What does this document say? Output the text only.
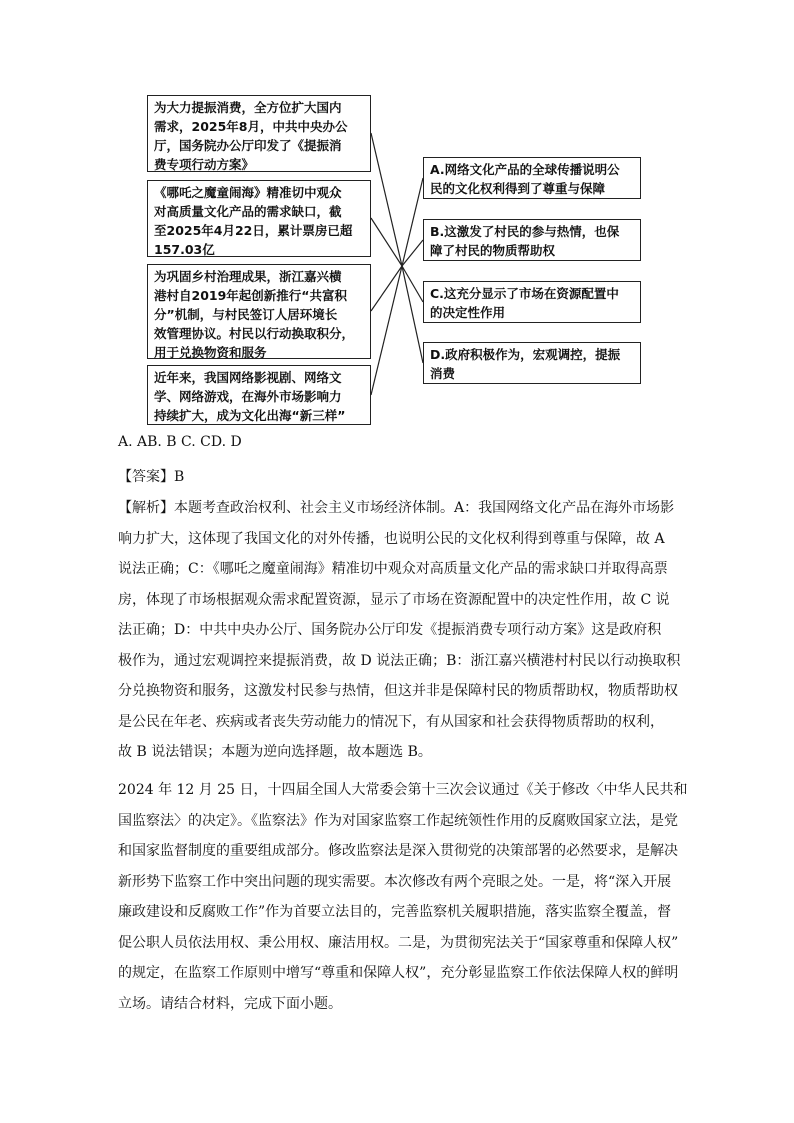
为大力提振消费，全方位扩大国内
需求，2025年8月，中共中央办公
厅，国务院办公厅印发了《提振消
费专项行动方案》
《哪吒之魔童闹海》精准切中观众
对高质量文化产品的需求缺口，截
至2025年4月22日，累计票房已超
157.03亿
为巩固乡村治理成果，浙江嘉兴横
港村自2019年起创新推行“共富积
分”机制，与村民签订人居环境长
效管理协议。村民以行动换取积分，
用于兑换物资和服务
近年来，我国网络影视剧、网络文
学、网络游戏，在海外市场影响力
持续扩大，成为文化出海“新三样”
A.网络文化产品的全球传播说明公
民的文化权利得到了尊重与保障
B.这激发了村民的参与热情，也保
障了村民的物质帮助权
C.这充分显示了市场在资源配置中
的决定性作用
D.政府积极作为，宏观调控，提振
消费
A. AB. B C. CD. D
【答案】B
【解析】本题考查政治权利、社会主义市场经济体制。A：我国网络文化产品在海外市场影
响力扩大，这体现了我国文化的对外传播，也说明公民的文化权利得到尊重与保障，故 A
说法正确；C：《哪吒之魔童闹海》精准切中观众对高质量文化产品的需求缺口并取得高票
房，体现了市场根据观众需求配置资源，显示了市场在资源配置中的决定性作用，故 C 说
法正确；D：中共中央办公厅、国务院办公厅印发《提振消费专项行动方案》这是政府积
极作为，通过宏观调控来提振消费，故 D 说法正确；B：浙江嘉兴横港村村民以行动换取积
分兑换物资和服务，这激发村民参与热情，但这并非是保障村民的物质帮助权，物质帮助权
是公民在年老、疾病或者丧失劳动能力的情况下，有从国家和社会获得物质帮助的权利，
故 B 说法错误；本题为逆向选择题，故本题选 B。
2024 年 12 月 25 日，十四届全国人大常委会第十三次会议通过《关于修改〈中华人民共和
国监察法〉的决定》。《监察法》作为对国家监察工作起统领性作用的反腐败国家立法，是党
和国家监督制度的重要组成部分。修改监察法是深入贯彻党的决策部署的必然要求，是解决
新形势下监察工作中突出问题的现实需要。本次修改有两个亮眼之处。一是，将“深入开展
廉政建设和反腐败工作”作为首要立法目的，完善监察机关履职措施，落实监察全覆盖，督
促公职人员依法用权、秉公用权、廉洁用权。二是，为贯彻宪法关于“国家尊重和保障人权”
的规定，在监察工作原则中增写“尊重和保障人权”，充分彰显监察工作依法保障人权的鲜明
立场。请结合材料，完成下面小题。
